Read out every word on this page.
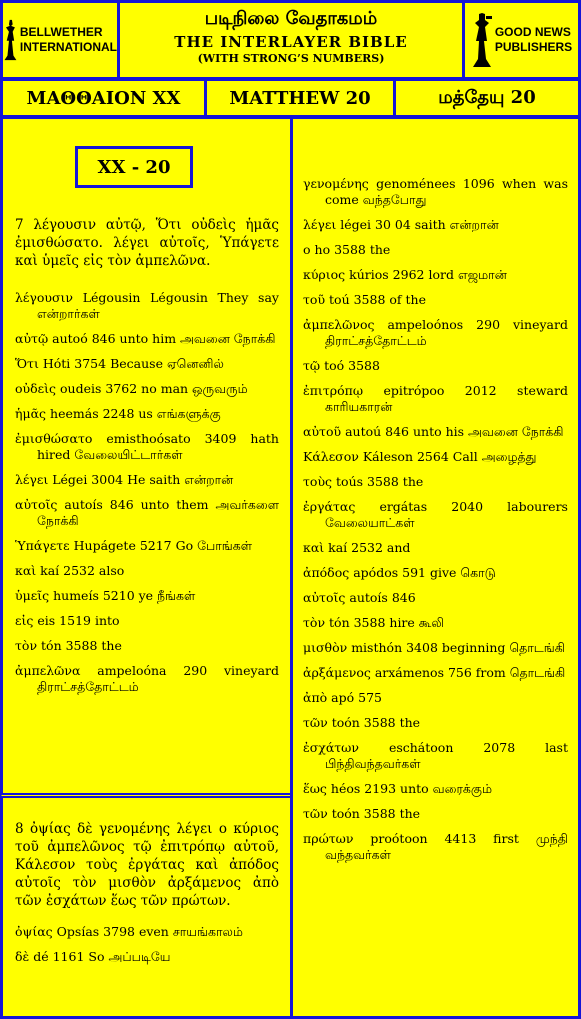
BELLWETHER
INTERNATIONAL
படிநிலை வேதாகமம்
THE INTERLAYER BIBLE
(WITH STRONG’S NUMBERS)
GOOD NEWS
PUBLISHERS
ΜΑΘΘΑΙΟΝ XX	MATTHEW 20	மத்தேயு 20
XX - 20
7 λέγουσιν αὐτῷ, Ὅτι οὐδεὶς ἡμᾶς ἐμισθώσατο. λέγει αὐτοῖς, Ὑπάγετε καὶ ὑμεῖς εἰς τὸν ἀμπελῶνα.
λέγουσιν Légousin Légousin They say என்றார்கள்
αὐτῷ autoó 846 unto him அவனை நோக்கி
Ὅτι Hóti 3754 Because ஏனெனில்
οὐδεὶς oudeis 3762 no man ஒருவரும்
ἡμᾶς heemás 2248 us எங்களுக்கு
ἐμισθώσατο emisthoósato 3409 hath hired வேலையிட்டார்கள்
λέγει Légei 3004 He saith என்றான்
αὐτοῖς autoís 846 unto them அவர்களை நோக்கி
Ὑπάγετε Hupágete 5217 Go போங்கள்
καὶ kaí 2532 also
ὑμεῖς humeís 5210 ye நீங்கள்
εἰς eis 1519 into
τὸν tón 3588 the
ἀμπελῶνα ampeloóna 290 vineyard திராட்சத்தோட்டம்
8 ὀψίας δὲ γενομένης λέγει ο κύριος τοῦ ἀμπελῶνος τῷ ἐπιτρόπῳ αὐτοῦ, Κάλεσον τοὺς ἐργάτας καὶ ἀπόδος αὐτοῖς τὸν μισθὸν ἀρξάμενος ἀπὸ τῶν ἐσχάτων ἕως τῶν πρώτων.
ὀψίας Opsías 3798 even சாயங்காலம்
δὲ dé 1161 So அப்படியே
γενομένης genoménees 1096 when was come வந்தபோது
λέγει légei 30 04 saith என்றான்
ο ho 3588 the
κύριος kúrios 2962 lord எஜமான்
τοῦ toú 3588 of the
ἀμπελῶνος ampeloónos 290 vineyard திராட்சத்தோட்டம்
τῷ toó 3588
ἐπιτρόπῳ epitrópoo 2012 steward காரியகாரன்
αὐτοῦ autoú 846 unto his அவனை நோக்கி
Κάλεσον Káleson 2564 Call அழைத்து
τοὺς toús 3588 the
ἐργάτας ergátas 2040 labourers வேலையாட்கள்
καὶ kaí 2532 and
ἀπόδος apódos 591 give கொடு
αὐτοῖς autoís 846
τὸν tón 3588 hire கூலி
μισθὸν misthón 3408 beginning தொடங்கி
ἀρξάμενος arxámenos 756 from தொடங்கி
ἀπὸ apó 575
τῶν toón 3588 the
ἐσχάτων eschátoon 2078 last பிந்திவந்தவர்கள்
ἕως héos 2193 unto வரைக்கும்
τῶν toón 3588 the
πρώτων proótoon 4413 first முந்தி வந்தவர்கள்
